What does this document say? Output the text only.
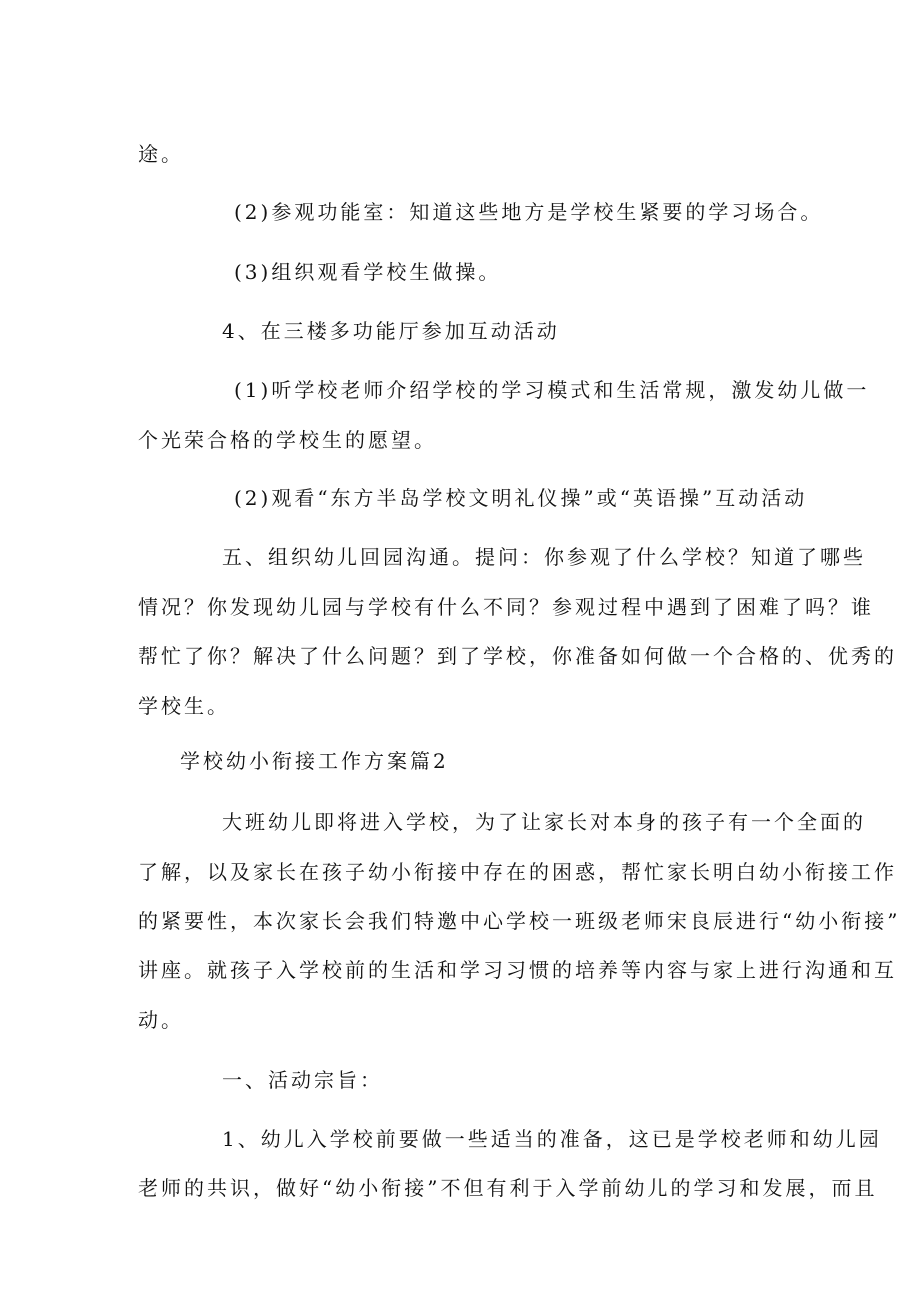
途。
(2)参观功能室：知道这些地方是学校生紧要的学习场合。
(3)组织观看学校生做操。
4、在三楼多功能厅参加互动活动
(1)听学校老师介绍学校的学习模式和生活常规，激发幼儿做一
个光荣合格的学校生的愿望。
(2)观看“东方半岛学校文明礼仪操”或“英语操”互动活动
五、组织幼儿回园沟通。提问：你参观了什么学校？知道了哪些
情况？你发现幼儿园与学校有什么不同？参观过程中遇到了困难了吗？谁
帮忙了你？解决了什么问题？到了学校，你准备如何做一个合格的、优秀的
学校生。
学校幼小衔接工作方案篇2
大班幼儿即将进入学校，为了让家长对本身的孩子有一个全面的
了解，以及家长在孩子幼小衔接中存在的困惑，帮忙家长明白幼小衔接工作
的紧要性，本次家长会我们特邀中心学校一班级老师宋良辰进行“幼小衔接”
讲座。就孩子入学校前的生活和学习习惯的培养等内容与家上进行沟通和互
动。
一、活动宗旨：
1、幼儿入学校前要做一些适当的准备，这已是学校老师和幼儿园
老师的共识，做好“幼小衔接”不但有利于入学前幼儿的学习和发展，而且
